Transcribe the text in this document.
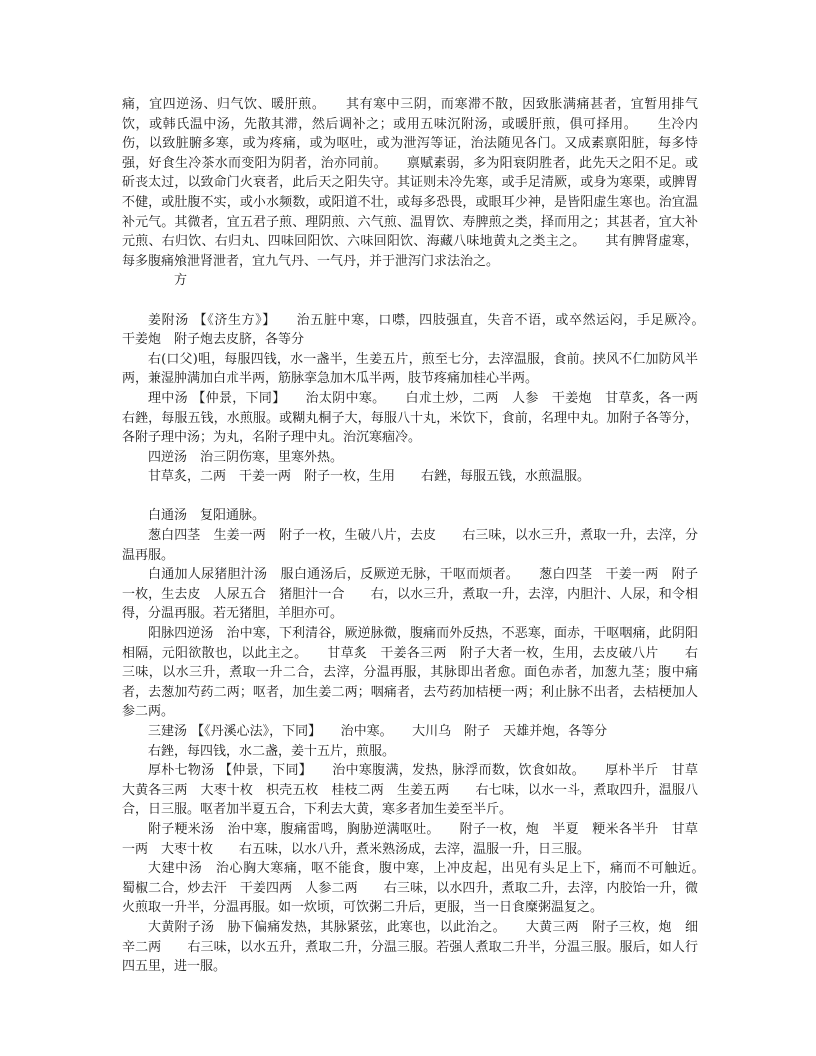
痛，宜四逆汤、归气饮、暖肝煎。　　其有寒中三阴，而寒滞不散，因致胀满痛甚者，宜暂用排气饮，或韩氏温中汤，先散其滞，然后调补之；或用五味沉附汤，或暖肝煎，俱可择用。　　生冷内伤，以致脏腑多寒，或为疼痛，或为呕吐，或为泄泻等证，治法随见各门。又成素禀阳脏，每多恃强，好食生冷茶水而变阳为阴者，治亦同前。　　禀赋素弱，多为阳衰阴胜者，此先天之阳不足。或斫丧太过，以致命门火衰者，此后天之阳失守。其证则未冷先寒，或手足清厥，或身为寒栗，或脾胃不健，或肚腹不实，或小水频数，或阳道不壮，或每多恐畏，或眼耳少神，是皆阳虚生寒也。治宜温补元气。其微者，宜五君子煎、理阴煎、六气煎、温胃饮、寿脾煎之类，择而用之；其甚者，宜大补元煎、右归饮、右归丸、四味回阳饮、六味回阳饮、海藏八味地黄丸之类主之。　　其有脾肾虚寒，每多腹痛飧泄肾泄者，宜九气丹、一气丹，并于泄泻门求法治之。

方

姜附汤 【《济生方》】　　治五脏中寒，口噤，四肢强直，失音不语，或卒然运闷，手足厥冷。　　干姜炮　附子炮去皮脐，各等分

右(口父)咀，每服四钱，水一盏半，生姜五片，煎至七分，去滓温服，食前。挟风不仁加防风半两，兼湿肿满加白朮半两，筋脉挛急加木瓜半两，肢节疼痛加桂心半两。

理中汤 【仲景，下同】　　治太阴中寒。　　白朮土炒，二两　人参　干姜炮　甘草炙，各一两　　右銼，每服五钱，水煎服。或糊丸桐子大，每服八十丸，米饮下，食前，名理中丸。加附子各等分，各附子理中汤；为丸，名附子理中丸。治沉寒痼冷。

四逆汤　治三阴伤寒，里寒外热。

甘草炙，二两　干姜一两　附子一枚，生用　　右銼，每服五钱，水煎温服。

白通汤　复阳通脉。

葱白四茎　生姜一两　附子一枚，生破八片，去皮　　右三味，以水三升，煮取一升，去滓，分温再服。

白通加人尿猪胆汁汤　服白通汤后，反厥逆无脉，干呕而烦者。　　葱白四茎　干姜一两　附子一枚，生去皮　人尿五合　猪胆汁一合　　右，以水三升，煮取一升，去滓，内胆汁、人尿，和令相得，分温再服。若无猪胆，羊胆亦可。

阳脉四逆汤　治中寒，下利清谷，厥逆脉微，腹痛而外反热，不恶寒，面赤，干呕咽痛，此阴阳相隔，元阳欲散也，以此主之。　　甘草炙　干姜各三两　附子大者一枚，生用，去皮破八片　　右三味，以水三升，煮取一升二合，去滓，分温再服，其脉即出者愈。面色赤者，加葱九茎；腹中痛者，去葱加芍药二两；呕者，加生姜二两；咽痛者，去芍药加桔梗一两；利止脉不出者，去桔梗加人参二两。

三建汤 【《丹溪心法》，下同】　　治中寒。　　大川乌　附子　天雄并炮，各等分

右銼，每四钱，水二盏，姜十五片，煎服。

厚朴七物汤 【仲景，下同】　　治中寒腹满，发热，脉浮而数，饮食如故。　　厚朴半斤　甘草　大黄各三两　大枣十枚　枳壳五枚　桂枝二两　生姜五两　　右七味，以水一斗，煮取四升，温服八合，日三服。呕者加半夏五合，下利去大黄，寒多者加生姜至半斤。

附子粳米汤　治中寒，腹痛雷鸣，胸胁逆满呕吐。　　附子一枚，炮　半夏　粳米各半升　甘草一两　大枣十枚　　右五味，以水八升，煮米熟汤成，去滓，温服一升，日三服。

大建中汤　治心胸大寒痛，呕不能食，腹中寒，上冲皮起，出见有头足上下，痛而不可触近。　　蜀椒二合，炒去汗　干姜四两　人参二两　　右三味，以水四升，煮取二升，去滓，内胶饴一升，微火煎取一升半，分温再服。如一炊顷，可饮粥二升后，更服，当一日食糜粥温复之。

大黄附子汤　胁下偏痛发热，其脉紧弦，此寒也，以此治之。　　大黄三两　附子三枚，炮　细辛二两　　右三味，以水五升，煮取二升，分温三服。若强人煮取二升半，分温三服。服后，如人行四五里，进一服。
